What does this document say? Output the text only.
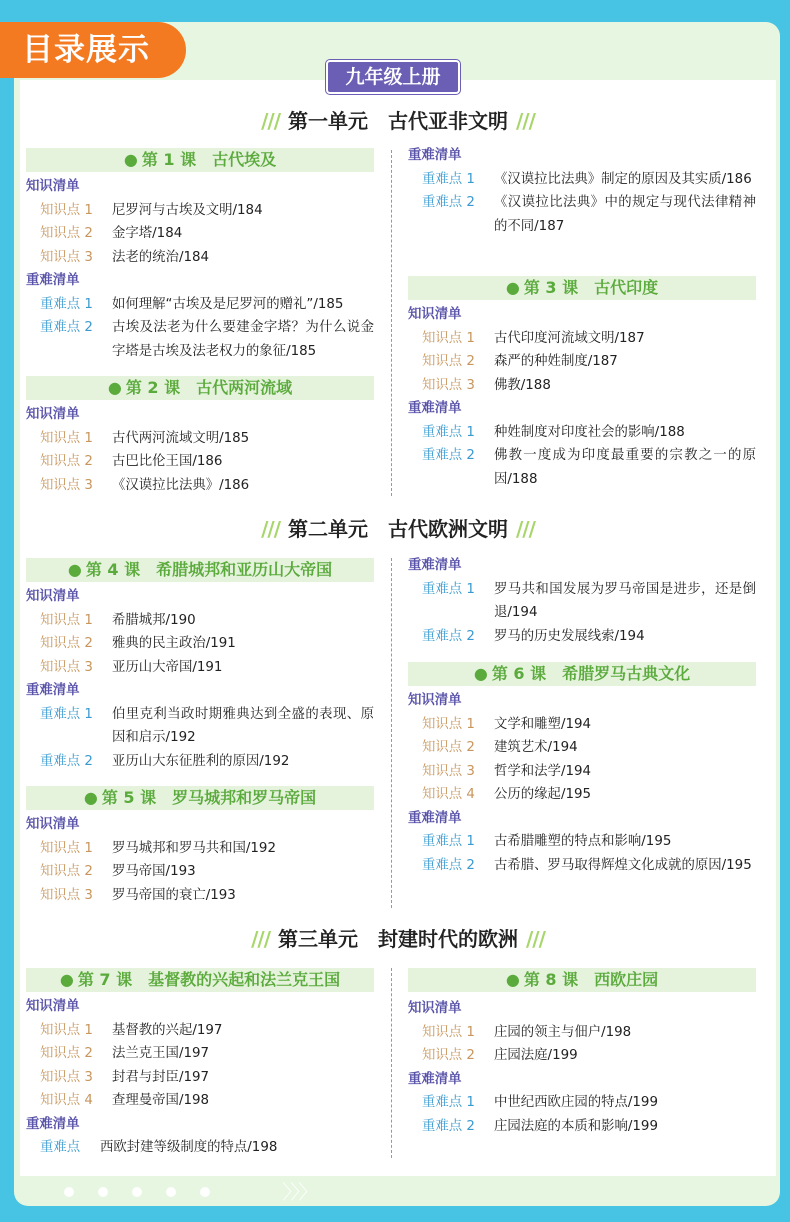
目录展示
九年级上册
/// 第一单元　古代亚非文明 ///
● 第 1 课　古代埃及
知识清单
知识点 1	尼罗河与古埃及文明/184
知识点 2	金字塔/184
知识点 3	法老的统治/184
重难清单
重难点 1	如何理解“古埃及是尼罗河的赠礼”/185
重难点 2	古埃及法老为什么要建金字塔？为什么说金字塔是古埃及法老权力的象征/185
● 第 2 课　古代两河流域
知识清单
知识点 1	古代两河流域文明/185
知识点 2	古巴比伦王国/186
知识点 3	《汉谟拉比法典》/186
重难清单
重难点 1	《汉谟拉比法典》制定的原因及其实质/186
重难点 2	《汉谟拉比法典》中的规定与现代法律精神的不同/187
● 第 3 课　古代印度
知识清单
知识点 1	古代印度河流域文明/187
知识点 2	森严的种姓制度/187
知识点 3	佛教/188
重难清单
重难点 1	种姓制度对印度社会的影响/188
重难点 2	佛教一度成为印度最重要的宗教之一的原因/188
/// 第二单元　古代欧洲文明 ///
● 第 4 课　希腊城邦和亚历山大帝国
知识清单
知识点 1	希腊城邦/190
知识点 2	雅典的民主政治/191
知识点 3	亚历山大帝国/191
重难清单
重难点 1	伯里克利当政时期雅典达到全盛的表现、原因和启示/192
重难点 2	亚历山大东征胜利的原因/192
● 第 5 课　罗马城邦和罗马帝国
知识清单
知识点 1	罗马城邦和罗马共和国/192
知识点 2	罗马帝国/193
知识点 3	罗马帝国的衰亡/193
重难清单
重难点 1	罗马共和国发展为罗马帝国是进步，还是倒退/194
重难点 2	罗马的历史发展线索/194
● 第 6 课　希腊罗马古典文化
知识清单
知识点 1	文学和雕塑/194
知识点 2	建筑艺术/194
知识点 3	哲学和法学/194
知识点 4	公历的缘起/195
重难清单
重难点 1	古希腊雕塑的特点和影响/195
重难点 2	古希腊、罗马取得辉煌文化成就的原因/195
/// 第三单元　封建时代的欧洲 ///
● 第 7 课　基督教的兴起和法兰克王国
知识清单
知识点 1	基督教的兴起/197
知识点 2	法兰克王国/197
知识点 3	封君与封臣/197
知识点 4	查理曼帝国/198
重难清单
重难点	西欧封建等级制度的特点/198
● 第 8 课　西欧庄园
知识清单
知识点 1	庄园的领主与佃户/198
知识点 2	庄园法庭/199
重难清单
重难点 1	中世纪西欧庄园的特点/199
重难点 2	庄园法庭的本质和影响/199
〉〉〉
